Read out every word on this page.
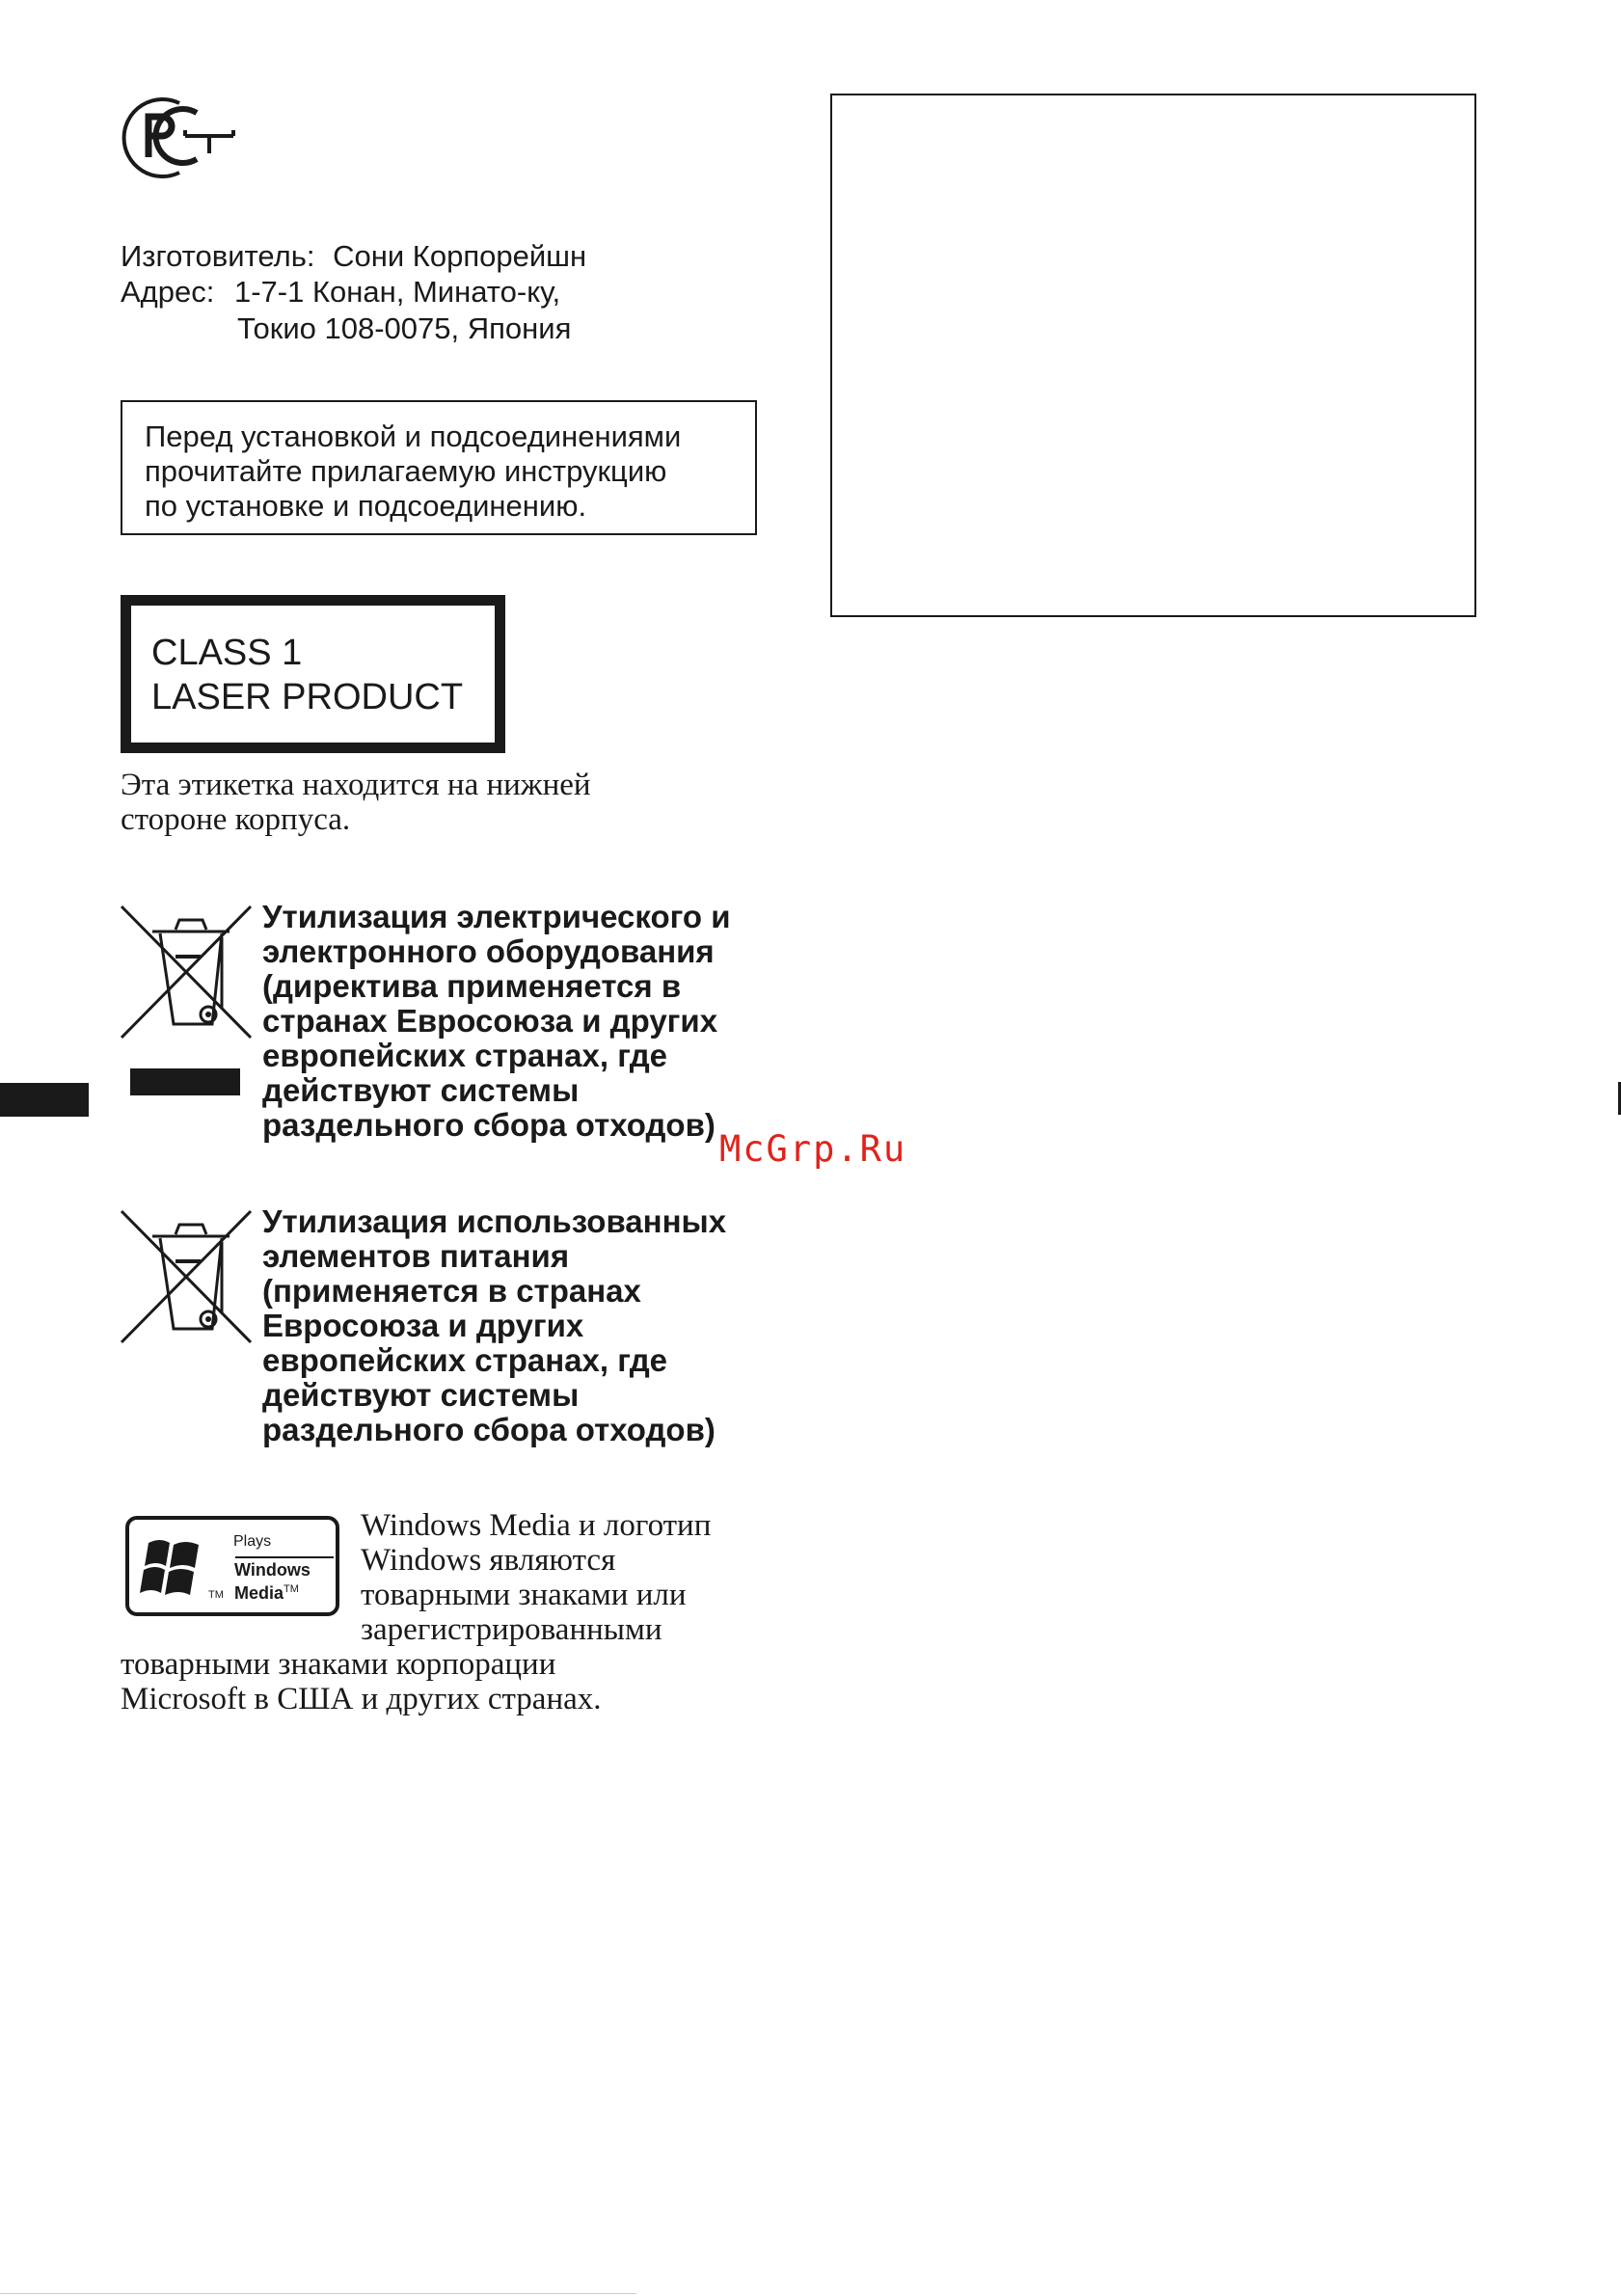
Изготовитель: Сони Корпорейшн
Адрес: 1-7-1 Конан, Минато-ку,
Токио 108-0075, Япония
Перед установкой и подсоединениями
прочитайте прилагаемую инструкцию
по установке и подсоединению.
CLASS 1
LASER PRODUCT
Эта этикетка находится на нижней
стороне корпуса.
Утилизация электрического и
электронного оборудования
(директива применяется в
странах Евросоюза и других
европейских странах, где
действуют системы
раздельного сбора отходов)
McGrp.Ru
Утилизация использованных
элементов питания
(применяется в странах
Евросоюза и других
европейских странах, где
действуют системы
раздельного сбора отходов)
Plays
Windows
Media™
TM
Windows Media и логотип
Windows являются
товарными знаками или
зарегистрированными
товарными знаками корпорации
Microsoft в США и других странах.
